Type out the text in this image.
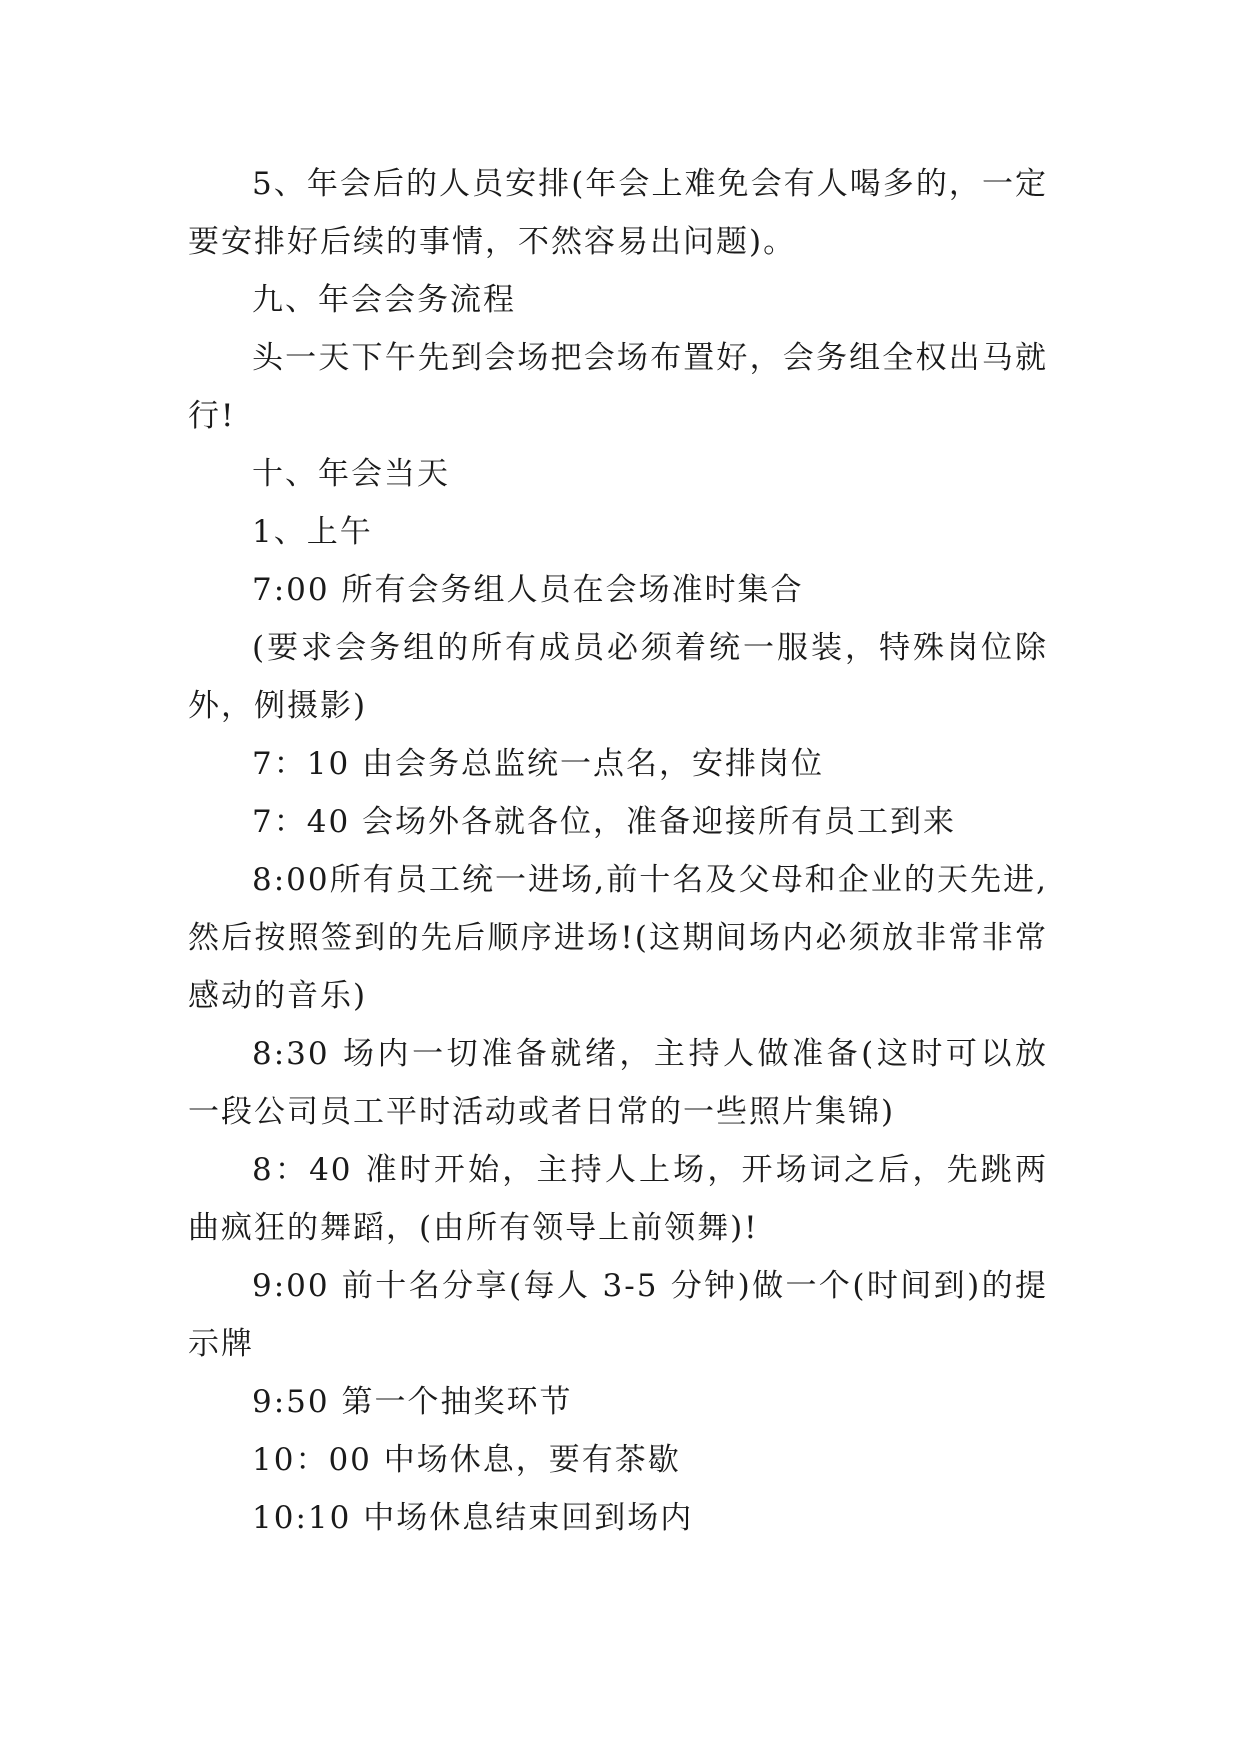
5、年会后的人员安排(年会上难免会有人喝多的，一定要安排好后续的事情，不然容易出问题)。

九、年会会务流程

头一天下午先到会场把会场布置好，会务组全权出马就行!

十、年会当天

1、上午

7:00 所有会务组人员在会场准时集合

(要求会务组的所有成员必须着统一服装，特殊岗位除外，例摄影)

7：10 由会务总监统一点名，安排岗位

7：40 会场外各就各位，准备迎接所有员工到来

8:00所有员工统一进场,前十名及父母和企业的天先进,然后按照签到的先后顺序进场!(这期间场内必须放非常非常感动的音乐)

8:30 场内一切准备就绪，主持人做准备(这时可以放一段公司员工平时活动或者日常的一些照片集锦)

8：40 准时开始，主持人上场，开场词之后，先跳两曲疯狂的舞蹈，(由所有领导上前领舞)!

9:00 前十名分享(每人 3-5 分钟)做一个(时间到)的提示牌

9:50 第一个抽奖环节

10：00 中场休息，要有茶歇

10:10 中场休息结束回到场内
